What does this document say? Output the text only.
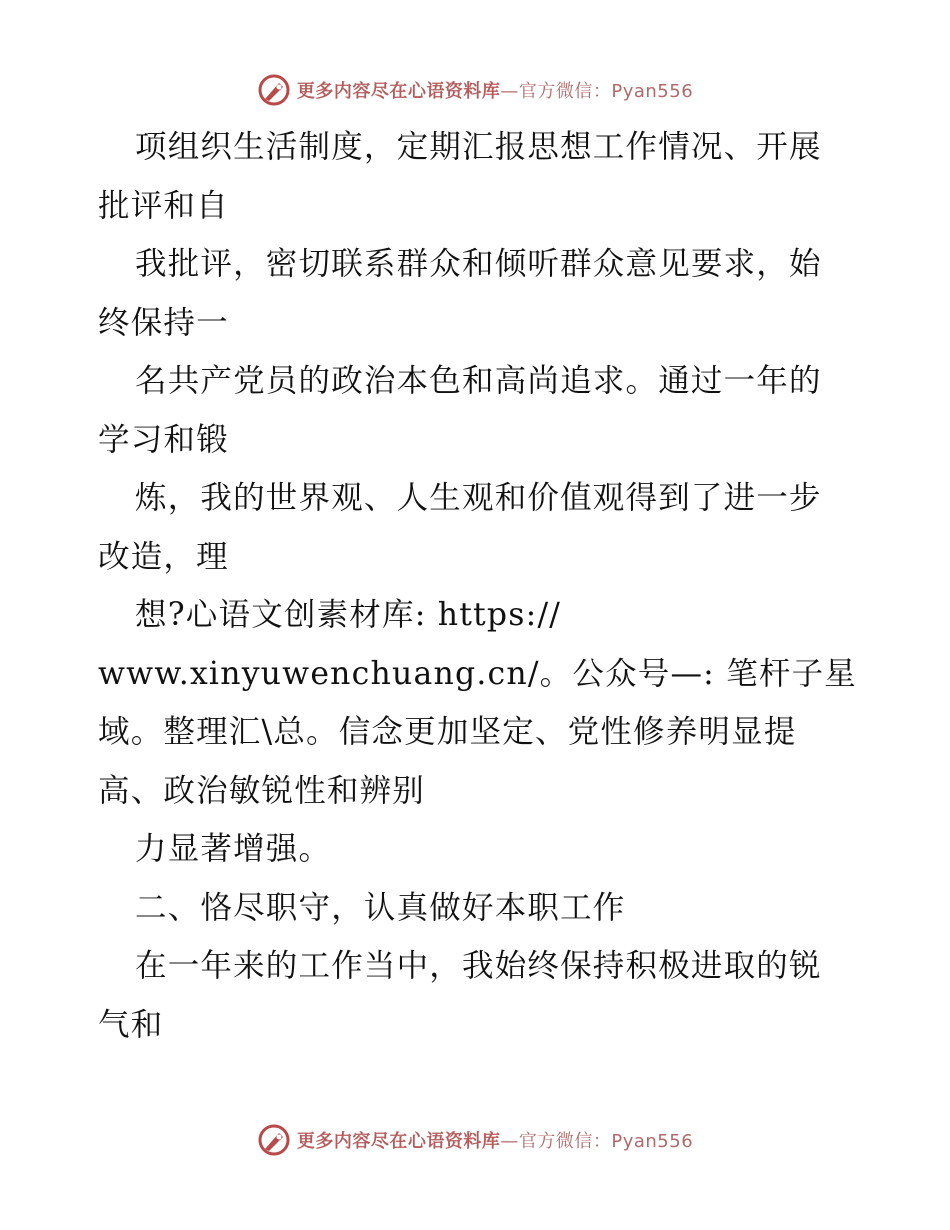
更多内容尽在心语资料库—官方微信：Pyan556
项组织生活制度，定期汇报思想工作情况、开展
批评和自
我批评，密切联系群众和倾听群众意见要求，始
终保持一
名共产党员的政治本色和高尚追求。通过一年的
学习和锻
炼，我的世界观、人生观和价值观得到了进一步
改造，理
想?心语文创素材库: https://
www.xinyuwenchuang.cn/。公众号—: 笔杆子星
域。整理汇\总。信念更加坚定、党性修养明显提
高、政治敏锐性和辨别
力显著增强。
二、恪尽职守，认真做好本职工作
在一年来的工作当中，我始终保持积极进取的锐
气和
更多内容尽在心语资料库—官方微信：Pyan556
